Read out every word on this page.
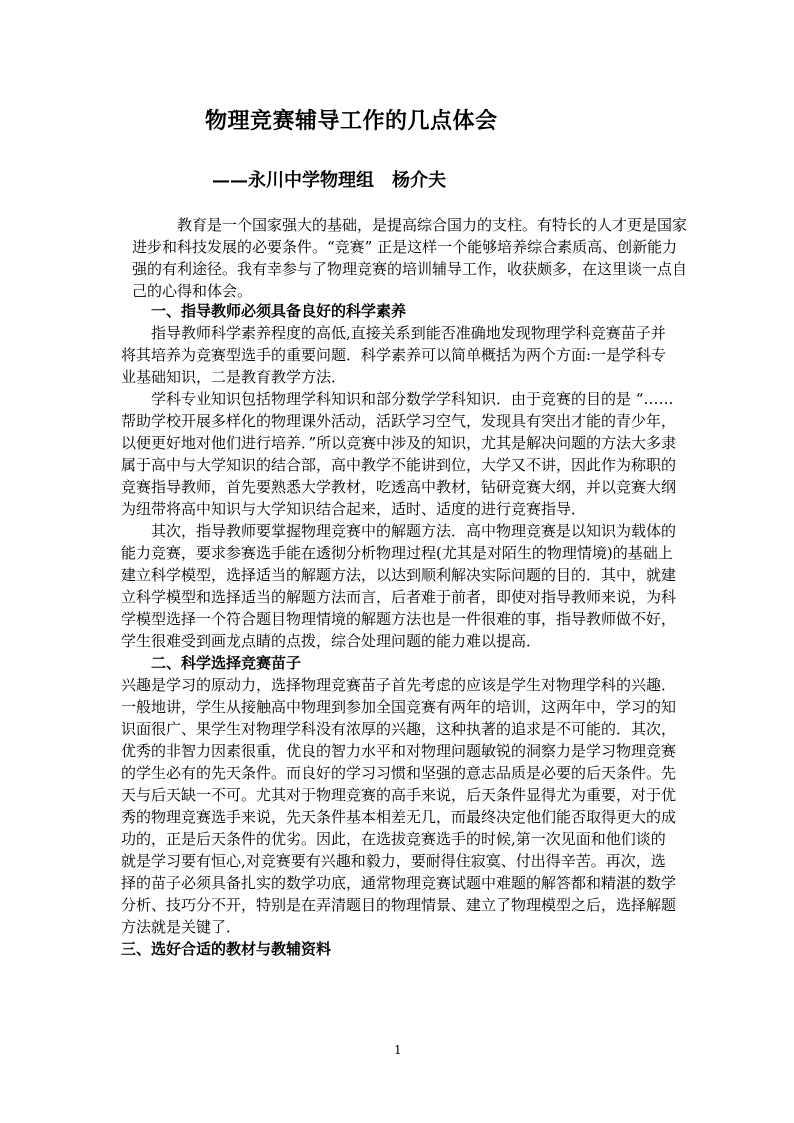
物理竞赛辅导工作的几点体会
——永川中学物理组　杨介夫

教育是一个国家强大的基础，是提高综合国力的支柱。有特长的人才更是国家进步和科技发展的必要条件。“竞赛” 正是这样一个能够培养综合素质高、创新能力强的有利途径。我有幸参与了物理竞赛的培训辅导工作，收获颇多，在这里谈一点自己的心得和体会。

一、指导教师必须具备良好的科学素养

指导教师科学素养程度的高低,直接关系到能否准确地发现物理学科竞赛苗子并将其培养为竞赛型选手的重要问题．科学素养可以简单概括为两个方面:一是学科专业基础知识，二是教育教学方法．

学科专业知识包括物理学科知识和部分数学学科知识．由于竞赛的目的是 “……帮助学校开展多样化的物理课外活动，活跃学习空气，发现具有突出才能的青少年，以便更好地对他们进行培养．”所以竞赛中涉及的知识，尤其是解决问题的方法大多隶属于高中与大学知识的结合部，高中教学不能讲到位，大学又不讲，因此作为称职的竞赛指导教师，首先要熟悉大学教材，吃透高中教材，钻研竞赛大纲，并以竞赛大纲为纽带将高中知识与大学知识结合起来，适时、适度的进行竞赛指导．

其次，指导教师要掌握物理竞赛中的解题方法．高中物理竞赛是以知识为载体的能力竞赛，要求参赛选手能在透彻分析物理过程(尤其是对陌生的物理情境)的基础上建立科学模型，选择适当的解题方法，以达到顺利解决实际问题的目的．其中，就建立科学模型和选择适当的解题方法而言，后者难于前者，即使对指导教师来说，为科学模型选择一个符合题目物理情境的解题方法也是一件很难的事，指导教师做不好，学生很难受到画龙点睛的点拨，综合处理问题的能力难以提高．

二、科学选择竞赛苗子

兴趣是学习的原动力，选择物理竞赛苗子首先考虑的应该是学生对物理学科的兴趣．一般地讲，学生从接触高中物理到参加全国竞赛有两年的培训，这两年中，学习的知识面很广、果学生对物理学科没有浓厚的兴趣，这种执著的追求是不可能的．其次，优秀的非智力因素很重，优良的智力水平和对物理问题敏锐的洞察力是学习物理竞赛的学生必有的先天条件。而良好的学习习惯和坚强的意志品质是必要的后天条件。先天与后天缺一不可。尤其对于物理竞赛的高手来说，后天条件显得尤为重要，对于优秀的物理竞赛选手来说，先天条件基本相差无几，而最终决定他们能否取得更大的成功的，正是后天条件的优劣。因此，在选拔竞赛选手的时候,第一次见面和他们谈的就是学习要有恒心,对竞赛要有兴趣和毅力，要耐得住寂寞、付出得辛苦。再次，选择的苗子必须具备扎实的数学功底，通常物理竞赛试题中难题的解答都和精湛的数学分析、技巧分不开，特别是在弄清题目的物理情景、建立了物理模型之后，选择解题方法就是关键了．

三、选好合适的教材与教辅资料

1
